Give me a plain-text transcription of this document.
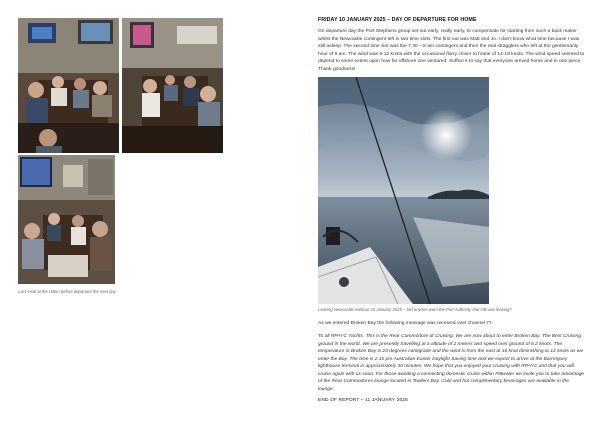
Last meal at the Hilton before departure the next day
FRIDAY 10 JANUARY 2025 – DAY OF DEPARTURE FOR HOME
On departure day the Port Stephens group set out early, really early, to compensate for starting from such a back maker whilst the Newcastle contingent left in two time slots. The first out was Matt and Jo. I don't know what time because I was still asleep. The second time slot was the 7.30 – 8 am contingent and then the real stragglers who left at the gentlemanly hour of 9 am. The wind was 8-12 knots with the occasional flurry closer to home of 14-19 knots. The wind speed seemed to depend to some extent upon how far offshore one ventured. Suffice it to say that everyone arrived home and in one piece. Thank goodness!
Leaving Newcastle Harbour 10 January 2025 – Did anyone warn the Port Authority that HB was leaving?
As we entered Broken Bay the following message was received over channel 77.
To all RPAYC Yachts. This is the Rear Commodore of Cruising. We are now about to enter Broken Bay. The Best Cruising ground in the world. We are presently travelling at a altitude of 2 metres and speed over ground of 6.2 knots. The temperature in Broken Bay is 23 degrees centigrade and the wind is from the east at 16 knot diminishing to 12 knots as we enter the Bay. The time is 2.10 pm Australian Easter Daylight Saving time and we expect to arrive at the Barrenjoey lighthouse terminal in approximately 30 minutes. We hope that you enjoyed your cruising with RPAYC and that you will cruise again with us soon. For those awaiting a connecting domestic cruise within Pittwater we invite you to take advantage of the Rear Commodores lounge located in Towlers Bay. Cold and hot complimentary beverages are available in the lounge.
END OF REPORT – 11 JANUARY 2025
